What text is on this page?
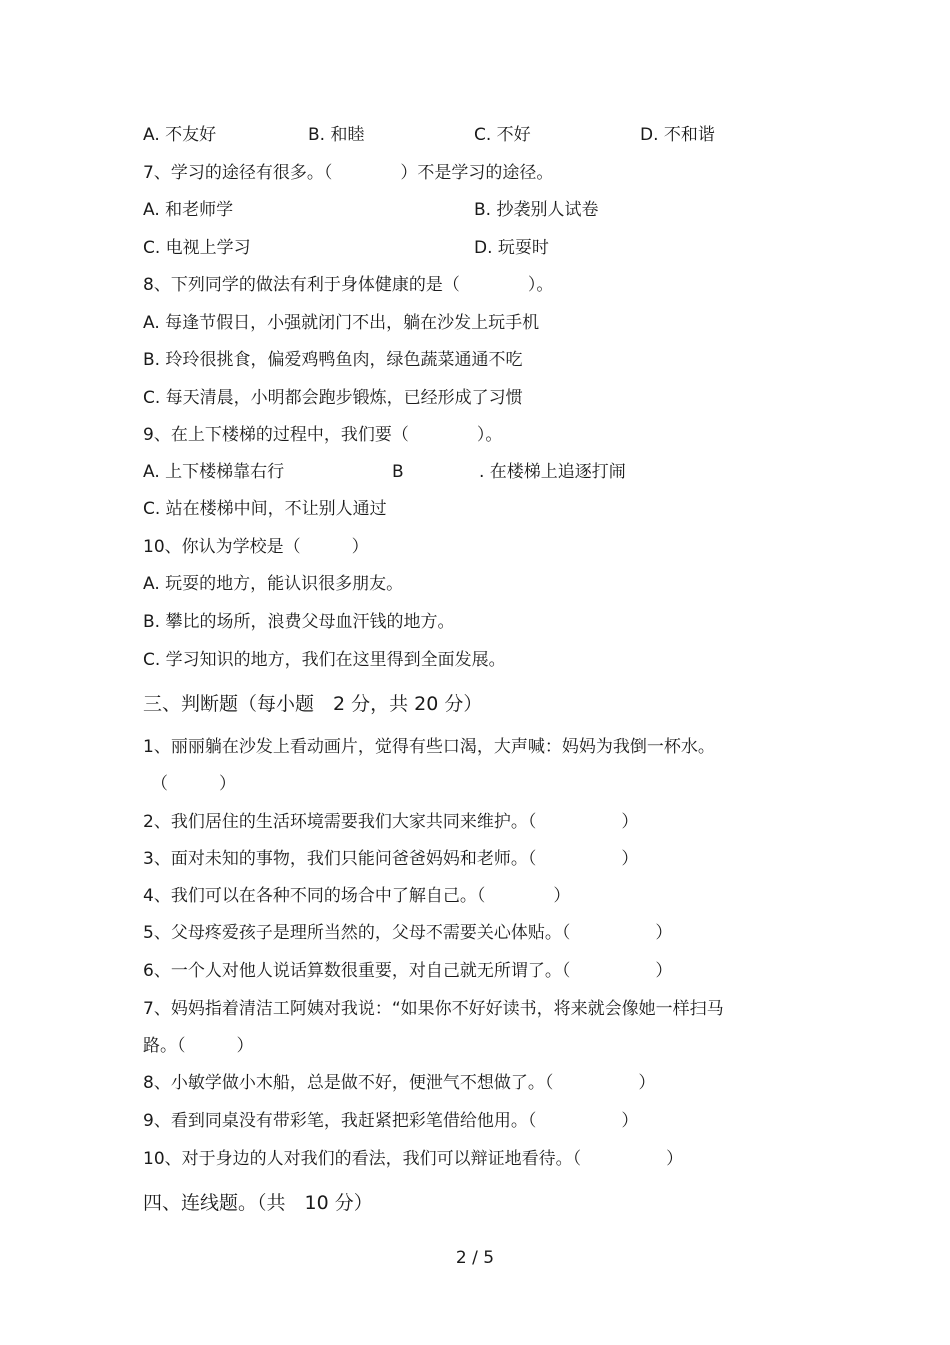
A. 不友好	B. 和睦	C. 不好	D. 不和谐
7、学习的途径有很多。（　　　　）不是学习的途径。
A. 和老师学	B. 抄袭别人试卷
C. 电视上学习	D. 玩耍时
8、下列同学的做法有利于身体健康的是（　　　　）。
A. 每逢节假日，小强就闭门不出，躺在沙发上玩手机
B. 玲玲很挑食，偏爱鸡鸭鱼肉，绿色蔬菜通通不吃
C. 每天清晨，小明都会跑步锻炼，已经形成了习惯
9、在上下楼梯的过程中，我们要（　　　　）。
A. 上下楼梯靠右行	B	. 在楼梯上追逐打闹
C. 站在楼梯中间，不让别人通过
10、你认为学校是（　　　）
A. 玩耍的地方，能认识很多朋友。
B. 攀比的场所，浪费父母血汗钱的地方。
C. 学习知识的地方，我们在这里得到全面发展。
三、判断题（每小题　2 分，共 20 分）
1、丽丽躺在沙发上看动画片，觉得有些口渴，大声喊：妈妈为我倒一杯水。
（　　　）
2、我们居住的生活环境需要我们大家共同来维护。（　　　　　）
3、面对未知的事物，我们只能问爸爸妈妈和老师。（　　　　　）
4、我们可以在各种不同的场合中了解自己。（　　　　）
5、父母疼爱孩子是理所当然的，父母不需要关心体贴。（　　　　　）
6、一个人对他人说话算数很重要，对自己就无所谓了。（　　　　　）
7、妈妈指着清洁工阿姨对我说：“如果你不好好读书，将来就会像她一样扫马
路。（　　　）
8、小敏学做小木船，总是做不好，便泄气不想做了。（　　　　　）
9、看到同桌没有带彩笔，我赶紧把彩笔借给他用。（　　　　　）
10、对于身边的人对我们的看法，我们可以辩证地看待。（　　　　　）
四、连线题。（共　10 分）
2 / 5
